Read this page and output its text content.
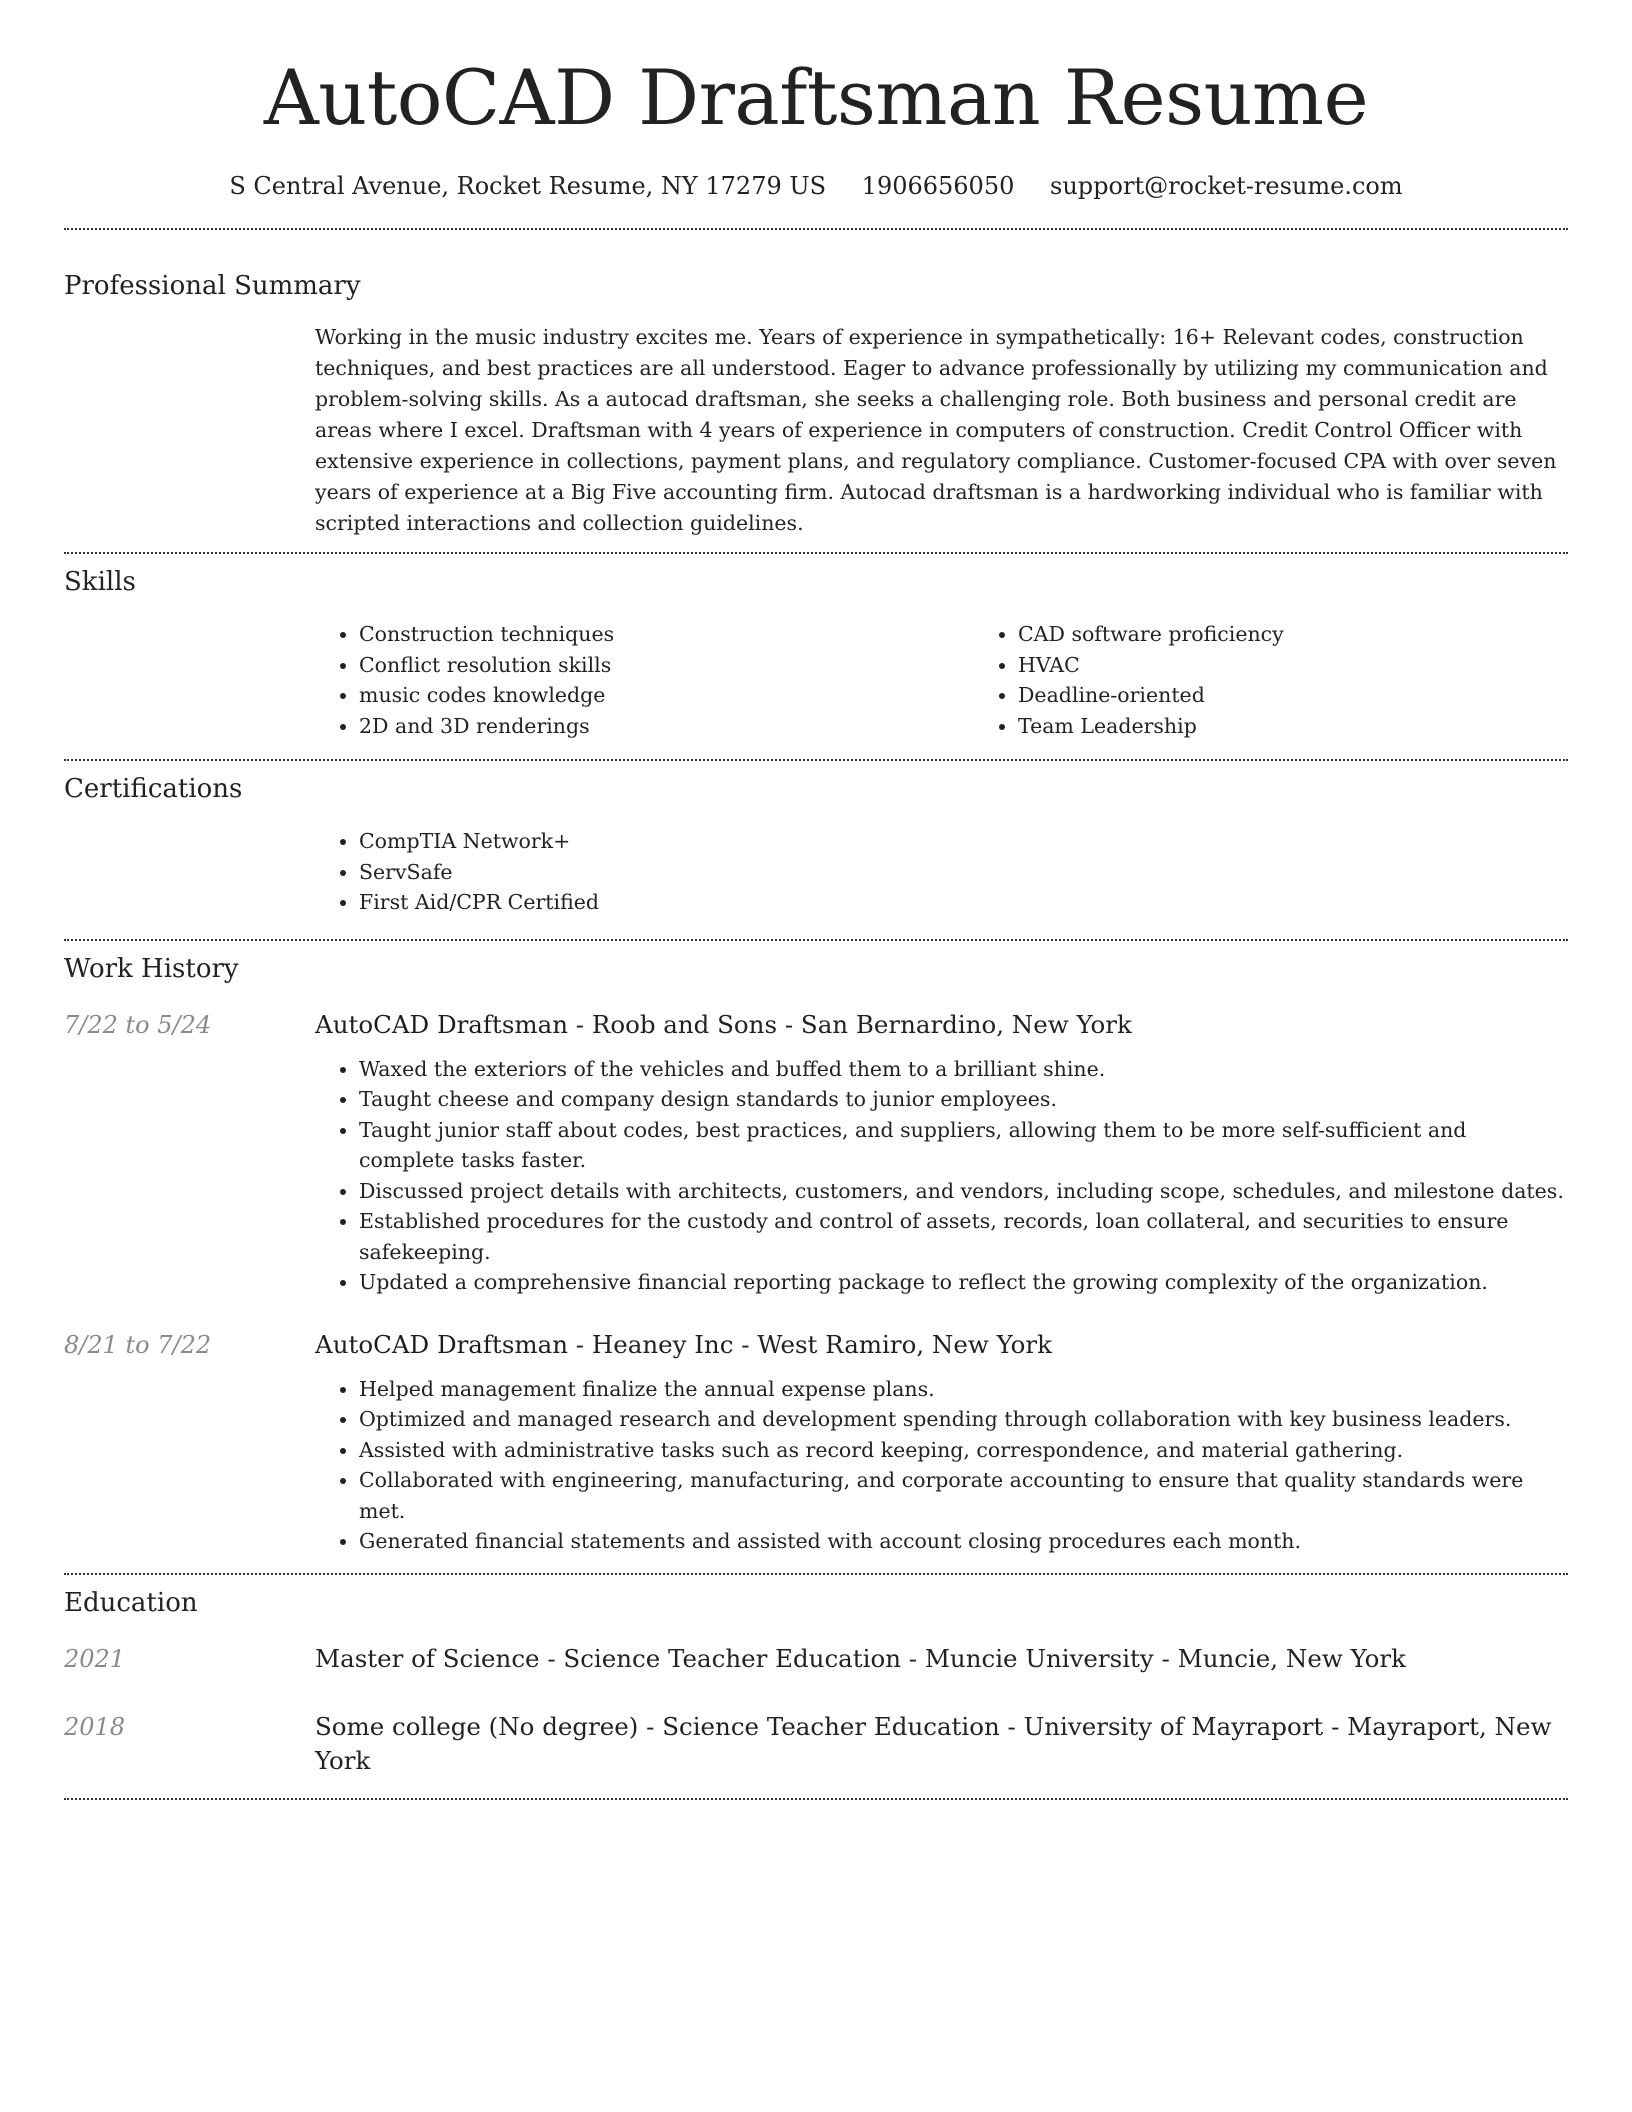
AutoCAD Draftsman Resume
S Central Avenue, Rocket Resume, NY 17279 US 1906656050 support@rocket-resume.com
Professional Summary

Working in the music industry excites me. Years of experience in sympathetically: 16+ Relevant codes, construction techniques, and best practices are all understood. Eager to advance professionally by utilizing my communication and problem-solving skills. As a autocad draftsman, she seeks a challenging role. Both business and personal credit are areas where I excel. Draftsman with 4 years of experience in computers of construction. Credit Control Officer with extensive experience in collections, payment plans, and regulatory compliance. Customer-focused CPA with over seven years of experience at a Big Five accounting firm. Autocad draftsman is a hardworking individual who is familiar with scripted interactions and collection guidelines.

Skills
• Construction techniques
• Conflict resolution skills
• music codes knowledge
• 2D and 3D renderings
• CAD software proficiency
• HVAC
• Deadline-oriented
• Team Leadership
Certifications
• CompTIA Network+
• ServSafe
• First Aid/CPR Certified
Work History
7/22 to 5/24	AutoCAD Draftsman - Roob and Sons - San Bernardino, New York
• Waxed the exteriors of the vehicles and buffed them to a brilliant shine.
• Taught cheese and company design standards to junior employees.
• Taught junior staff about codes, best practices, and suppliers, allowing them to be more self-sufficient and complete tasks faster.
• Discussed project details with architects, customers, and vendors, including scope, schedules, and milestone dates.
• Established procedures for the custody and control of assets, records, loan collateral, and securities to ensure safekeeping.
• Updated a comprehensive financial reporting package to reflect the growing complexity of the organization.
8/21 to 7/22	AutoCAD Draftsman - Heaney Inc - West Ramiro, New York
• Helped management finalize the annual expense plans.
• Optimized and managed research and development spending through collaboration with key business leaders.
• Assisted with administrative tasks such as record keeping, correspondence, and material gathering.
• Collaborated with engineering, manufacturing, and corporate accounting to ensure that quality standards were met.
• Generated financial statements and assisted with account closing procedures each month.
Education
2021	Master of Science - Science Teacher Education - Muncie University - Muncie, New York
2018	Some college (No degree) - Science Teacher Education - University of Mayraport - Mayraport, New York
